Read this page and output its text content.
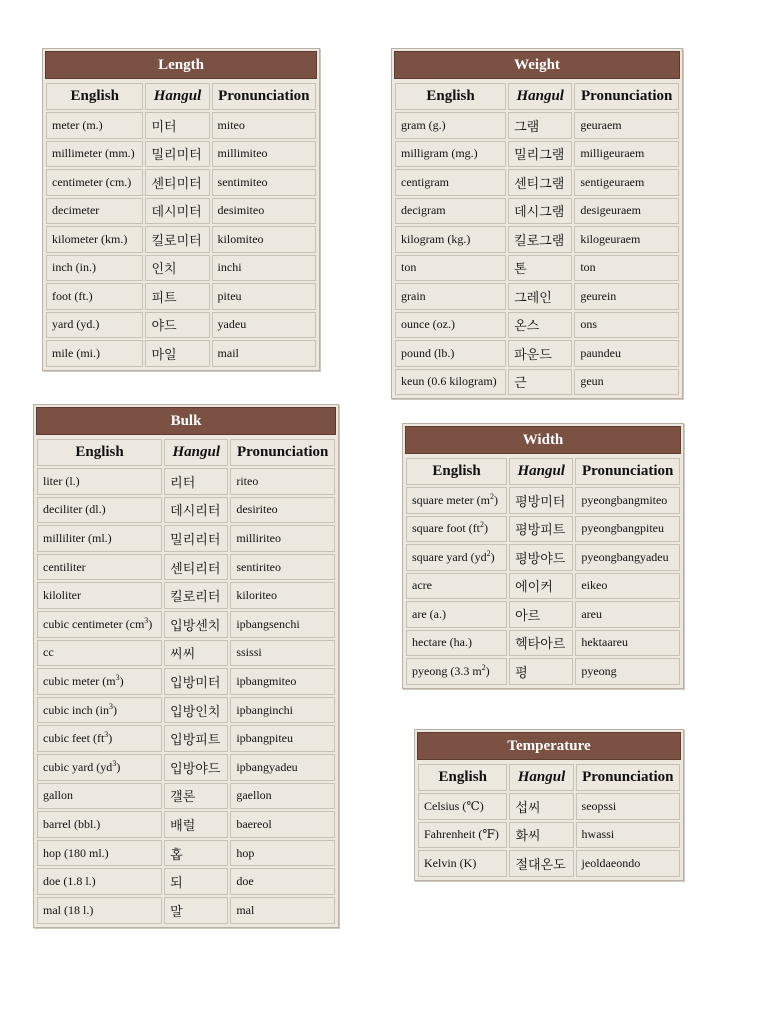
Length
English	Hangul	Pronunciation
meter (m.)	미터	miteo
millimeter (mm.)	밀리미터	millimiteo
centimeter (cm.)	센티미터	sentimiteo
decimeter	데시미터	desimiteo
kilometer (km.)	킬로미터	kilomiteo
inch (in.)	인치	inchi
foot (ft.)	피트	piteu
yard (yd.)	야드	yadeu
mile (mi.)	마일	mail
Weight
English	Hangul	Pronunciation
gram (g.)	그램	geuraem
milligram (mg.)	밀리그램	milligeuraem
centigram	센티그램	sentigeuraem
decigram	데시그램	desigeuraem
kilogram (kg.)	킬로그램	kilogeuraem
ton	톤	ton
grain	그레인	geurein
ounce (oz.)	온스	ons
pound (lb.)	파운드	paundeu
keun (0.6 kilogram)	근	geun
Bulk
English	Hangul	Pronunciation
liter (l.)	리터	riteo
deciliter (dl.)	데시리터	desiriteo
milliliter (ml.)	밀리리터	milliriteo
centiliter	센티리터	sentiriteo
kiloliter	킬로리터	kiloriteo
cubic centimeter $(cm^3)$	입방센치	ipbangsenchi
cc	씨씨	ssissi
cubic meter $(m^3)$	입방미터	ipbangmiteo
cubic inch $(in^3)$	입방인치	ipbanginchi
cubic feet $(ft^3)$	입방피트	ipbangpiteu
cubic yard $(yd^3)$	입방야드	ipbangyadeu
gallon	갤론	gaellon
barrel (bbl.)	배럴	baereol
hop (180 ml.)	홉	hop
doe (1.8 l.)	되	doe
mal (18 l.)	말	mal
Width
English	Hangul	Pronunciation
square meter $(m^2)$	평방미터	pyeongbangmiteo
square foot $(ft^2)$	평방피트	pyeongbangpiteu
square yard $(yd^2)$	평방야드	pyeongbangyadeu
acre	에이커	eikeo
are (a.)	아르	areu
hectare (ha.)	헥타아르	hektaareu
pyeong (3.3 $m^2$)	평	pyeong
Temperature
English	Hangul	Pronunciation
Celsius (℃)	섭씨	seopssi
Fahrenheit (℉)	화씨	hwassi
Kelvin (K)	절대온도	jeoldaeondo
